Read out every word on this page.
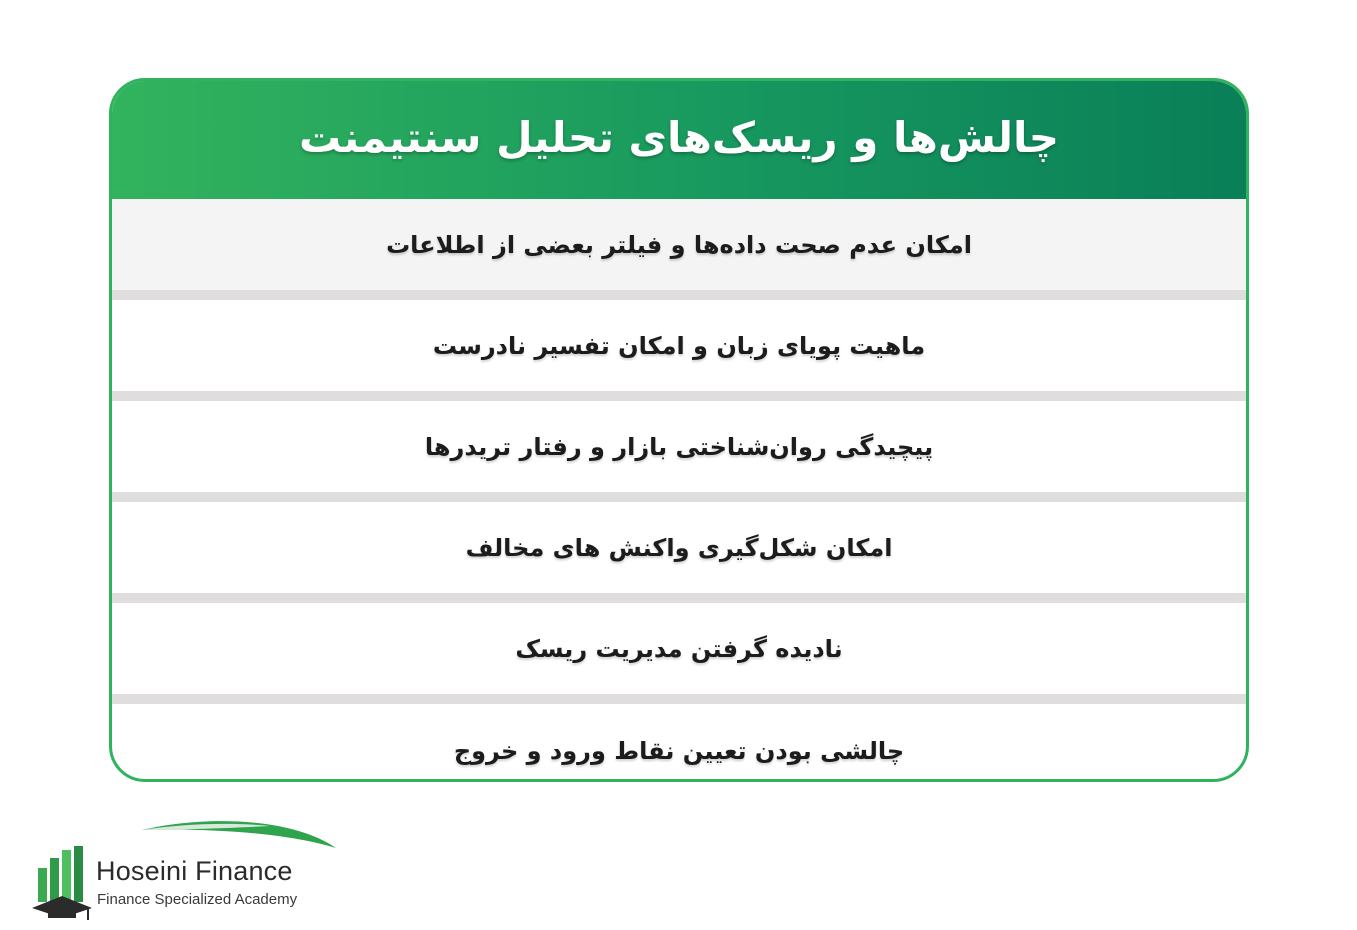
چالش‌ها و ریسک‌های تحلیل سنتیمنت
امکان عدم صحت داده‌ها و فیلتر بعضی از اطلاعات
ماهیت پویای زبان و امکان تفسیر نادرست
پیچیدگی روان‌شناختی بازار و رفتار تریدرها
امکان شکل‌گیری واکنش های مخالف
نادیده گرفتن مدیریت ریسک
چالشی بودن تعیین نقاط ورود و خروج
Hoseini Finance
Finance Specialized Academy
